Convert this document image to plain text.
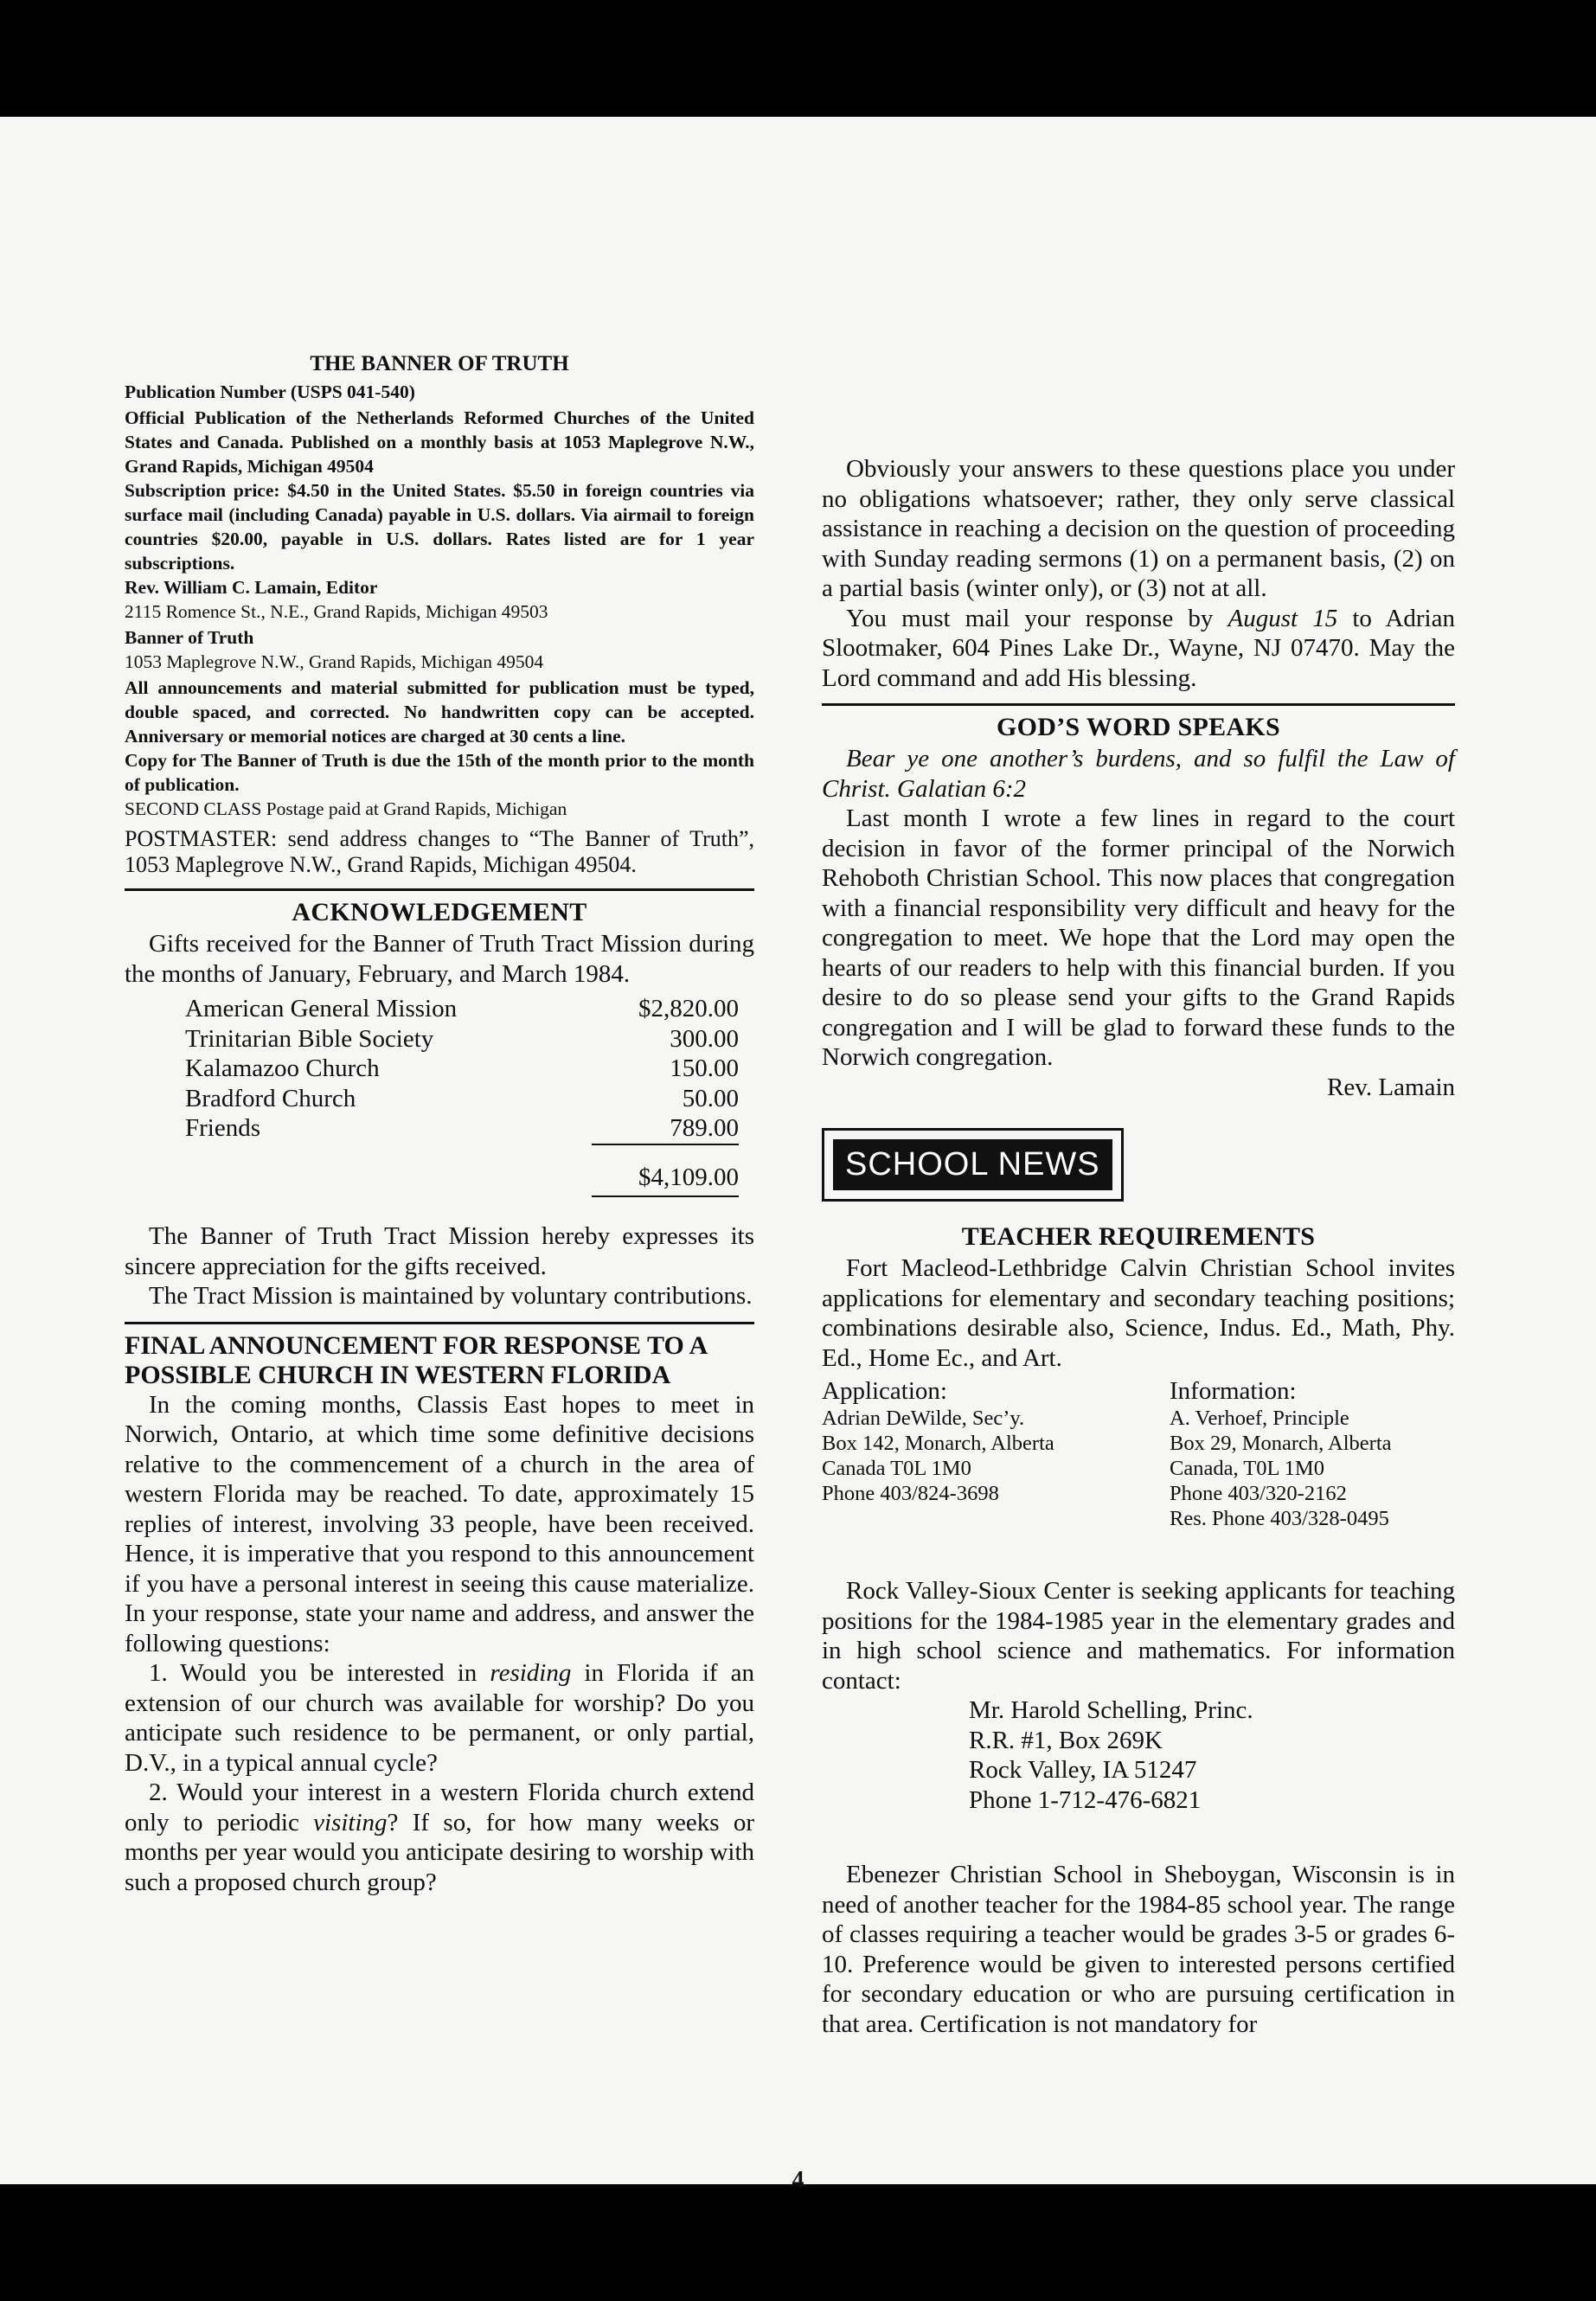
THE BANNER OF TRUTH

Publication Number (USPS 041-540)

Official Publication of the Netherlands Reformed Churches of the United States and Canada. Published on a monthly basis at 1053 Maplegrove N.W., Grand Rapids, Michigan 49504

Subscription price: $4.50 in the United States. $5.50 in foreign countries via surface mail (including Canada) payable in U.S. dollars. Via airmail to foreign countries $20.00, payable in U.S. dollars. Rates listed are for 1 year subscriptions.

Rev. William C. Lamain, Editor

2115 Romence St., N.E., Grand Rapids, Michigan 49503

Banner of Truth

1053 Maplegrove N.W., Grand Rapids, Michigan 49504

All announcements and material submitted for publication must be typed, double spaced, and corrected. No handwritten copy can be accepted. Anniversary or memorial notices are charged at 30 cents a line.

Copy for The Banner of Truth is due the 15th of the month prior to the month of publication.

SECOND CLASS Postage paid at Grand Rapids, Michigan

POSTMASTER: send address changes to “The Banner of Truth”, 1053 Maplegrove N.W., Grand Rapids, Michigan 49504.

ACKNOWLEDGEMENT

Gifts received for the Banner of Truth Tract Mission during the months of January, February, and March 1984.

American General Mission	$2,820.00
Trinitarian Bible Society	300.00
Kalamazoo Church	150.00
Bradford Church	50.00
Friends	789.00
$4,109.00

The Banner of Truth Tract Mission hereby expresses its sincere appreciation for the gifts received.

The Tract Mission is maintained by voluntary contributions.

FINAL ANNOUNCEMENT FOR RESPONSE TO A POSSIBLE CHURCH IN WESTERN FLORIDA

In the coming months, Classis East hopes to meet in Norwich, Ontario, at which time some definitive decisions relative to the commencement of a church in the area of western Florida may be reached. To date, approximately 15 replies of interest, involving 33 people, have been received. Hence, it is imperative that you respond to this announcement if you have a personal interest in seeing this cause materialize. In your response, state your name and address, and answer the following questions:

1. Would you be interested in residing in Florida if an extension of our church was available for worship? Do you anticipate such residence to be permanent, or only partial, D.V., in a typical annual cycle?

2. Would your interest in a western Florida church extend only to periodic visiting? If so, for how many weeks or months per year would you anticipate desiring to worship with such a proposed church group?

Obviously your answers to these questions place you under no obligations whatsoever; rather, they only serve classical assistance in reaching a decision on the question of proceeding with Sunday reading sermons (1) on a permanent basis, (2) on a partial basis (winter only), or (3) not at all.

You must mail your response by August 15 to Adrian Slootmaker, 604 Pines Lake Dr., Wayne, NJ 07470. May the Lord command and add His blessing.

GOD’S WORD SPEAKS

Bear ye one another’s burdens, and so fulfil the Law of Christ. Galatian 6:2

Last month I wrote a few lines in regard to the court decision in favor of the former principal of the Norwich Rehoboth Christian School. This now places that congregation with a financial responsibility very difficult and heavy for the congregation to meet. We hope that the Lord may open the hearts of our readers to help with this financial burden. If you desire to do so please send your gifts to the Grand Rapids congregation and I will be glad to forward these funds to the Norwich congregation.

Rev. Lamain

SCHOOL NEWS
TEACHER REQUIREMENTS

Fort Macleod-Lethbridge Calvin Christian School invites applications for elementary and secondary teaching positions; combinations desirable also, Science, Indus. Ed., Math, Phy. Ed., Home Ec., and Art.

Application:
Adrian DeWilde, Sec’y.
Box 142, Monarch, Alberta
Canada T0L 1M0
Phone 403/824-3698
Information:
A. Verhoef, Principle
Box 29, Monarch, Alberta
Canada, T0L 1M0
Phone 403/320-2162
Res. Phone 403/328-0495

Rock Valley-Sioux Center is seeking applicants for teaching positions for the 1984-1985 year in the elementary grades and in high school science and mathematics. For information contact:

Mr. Harold Schelling, Princ.
R.R. #1, Box 269K
Rock Valley, IA 51247
Phone 1-712-476-6821

Ebenezer Christian School in Sheboygan, Wisconsin is in need of another teacher for the 1984-85 school year. The range of classes requiring a teacher would be grades 3-5 or grades 6-10. Preference would be given to interested persons certified for secondary education or who are pursuing certification in that area. Certification is not mandatory for

4
